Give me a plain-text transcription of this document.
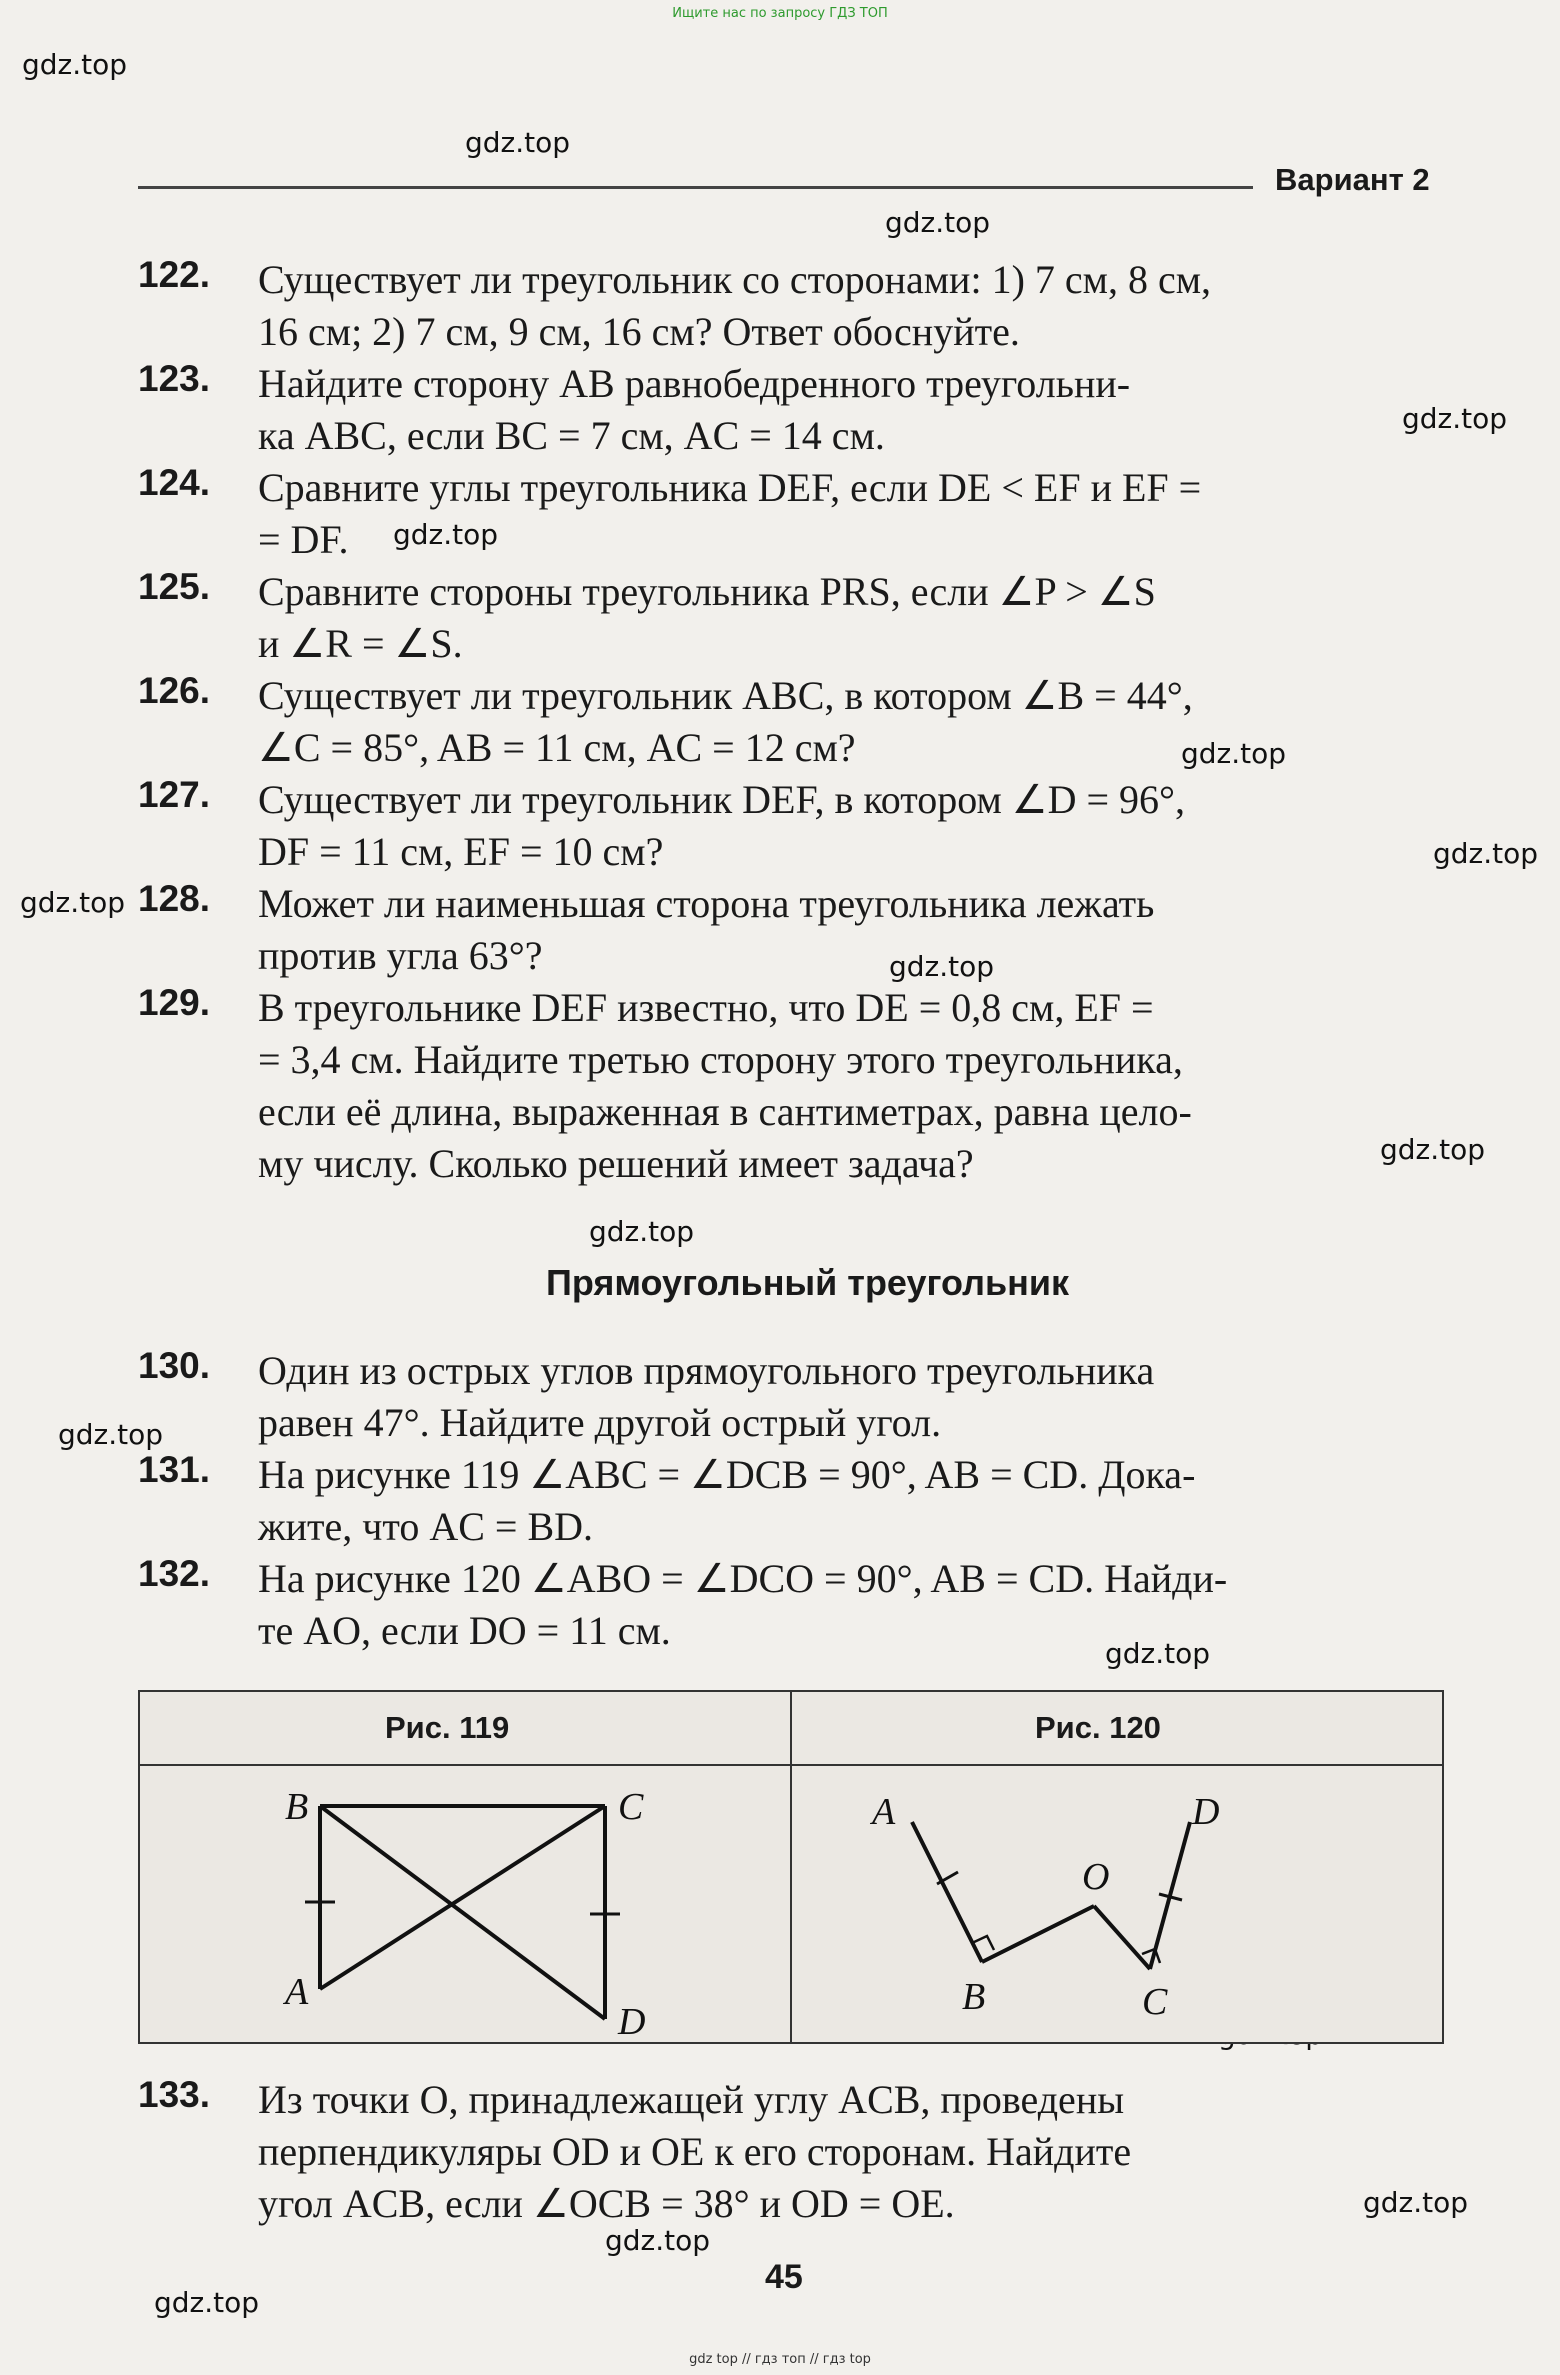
Ищите нас по запросу ГДЗ ТОП
gdz.top
gdz.top
gdz.top
gdz.top
gdz.top
gdz.top
gdz.top
gdz.top
gdz.top
gdz.top
gdz.top
gdz.top
gdz.top
gdz.top
gdz.top
gdz.top
Вариант 2
122. Существует ли треугольник со сторонами: 1) 7 см, 8 см,
16 см; 2) 7 см, 9 см, 16 см? Ответ обоснуйте.
123. Найдите сторону AB равнобедренного треугольни-
ка ABC, если BC = 7 см, AC = 14 см.
124. Сравните углы треугольника DEF, если DE < EF и EF =
= DF.
125. Сравните стороны треугольника PRS, если ∠P > ∠S
и ∠R = ∠S.
126. Существует ли треугольник ABC, в котором ∠B = 44°,
∠C = 85°, AB = 11 см, AC = 12 см?
127. Существует ли треугольник DEF, в котором ∠D = 96°,
DF = 11 см, EF = 10 см?
128. Может ли наименьшая сторона треугольника лежать
против угла 63°?
129. В треугольнике DEF известно, что DE = 0,8 см, EF =
= 3,4 см. Найдите третью сторону этого треугольника,
если её длина, выраженная в сантиметрах, равна цело-
му числу. Сколько решений имеет задача?
Прямоугольный треугольник
130. Один из острых углов прямоугольного треугольника
равен 47°. Найдите другой острый угол.
131. На рисунке 119 ∠ABC = ∠DCB = 90°, AB = CD. Дока-
жите, что AC = BD.
132. На рисунке 120 ∠ABO = ∠DCO = 90°, AB = CD. Найди-
те AO, если DO = 11 см.
Рис. 119	Рис. 120
B	C
A
D
A	D
O
B	C
133. Из точки O, принадлежащей углу ACB, проведены
перпендикуляры OD и OE к его сторонам. Найдите
угол ACB, если ∠OCB = 38° и OD = OE.
45
gdz top // гдз топ // гдз top
